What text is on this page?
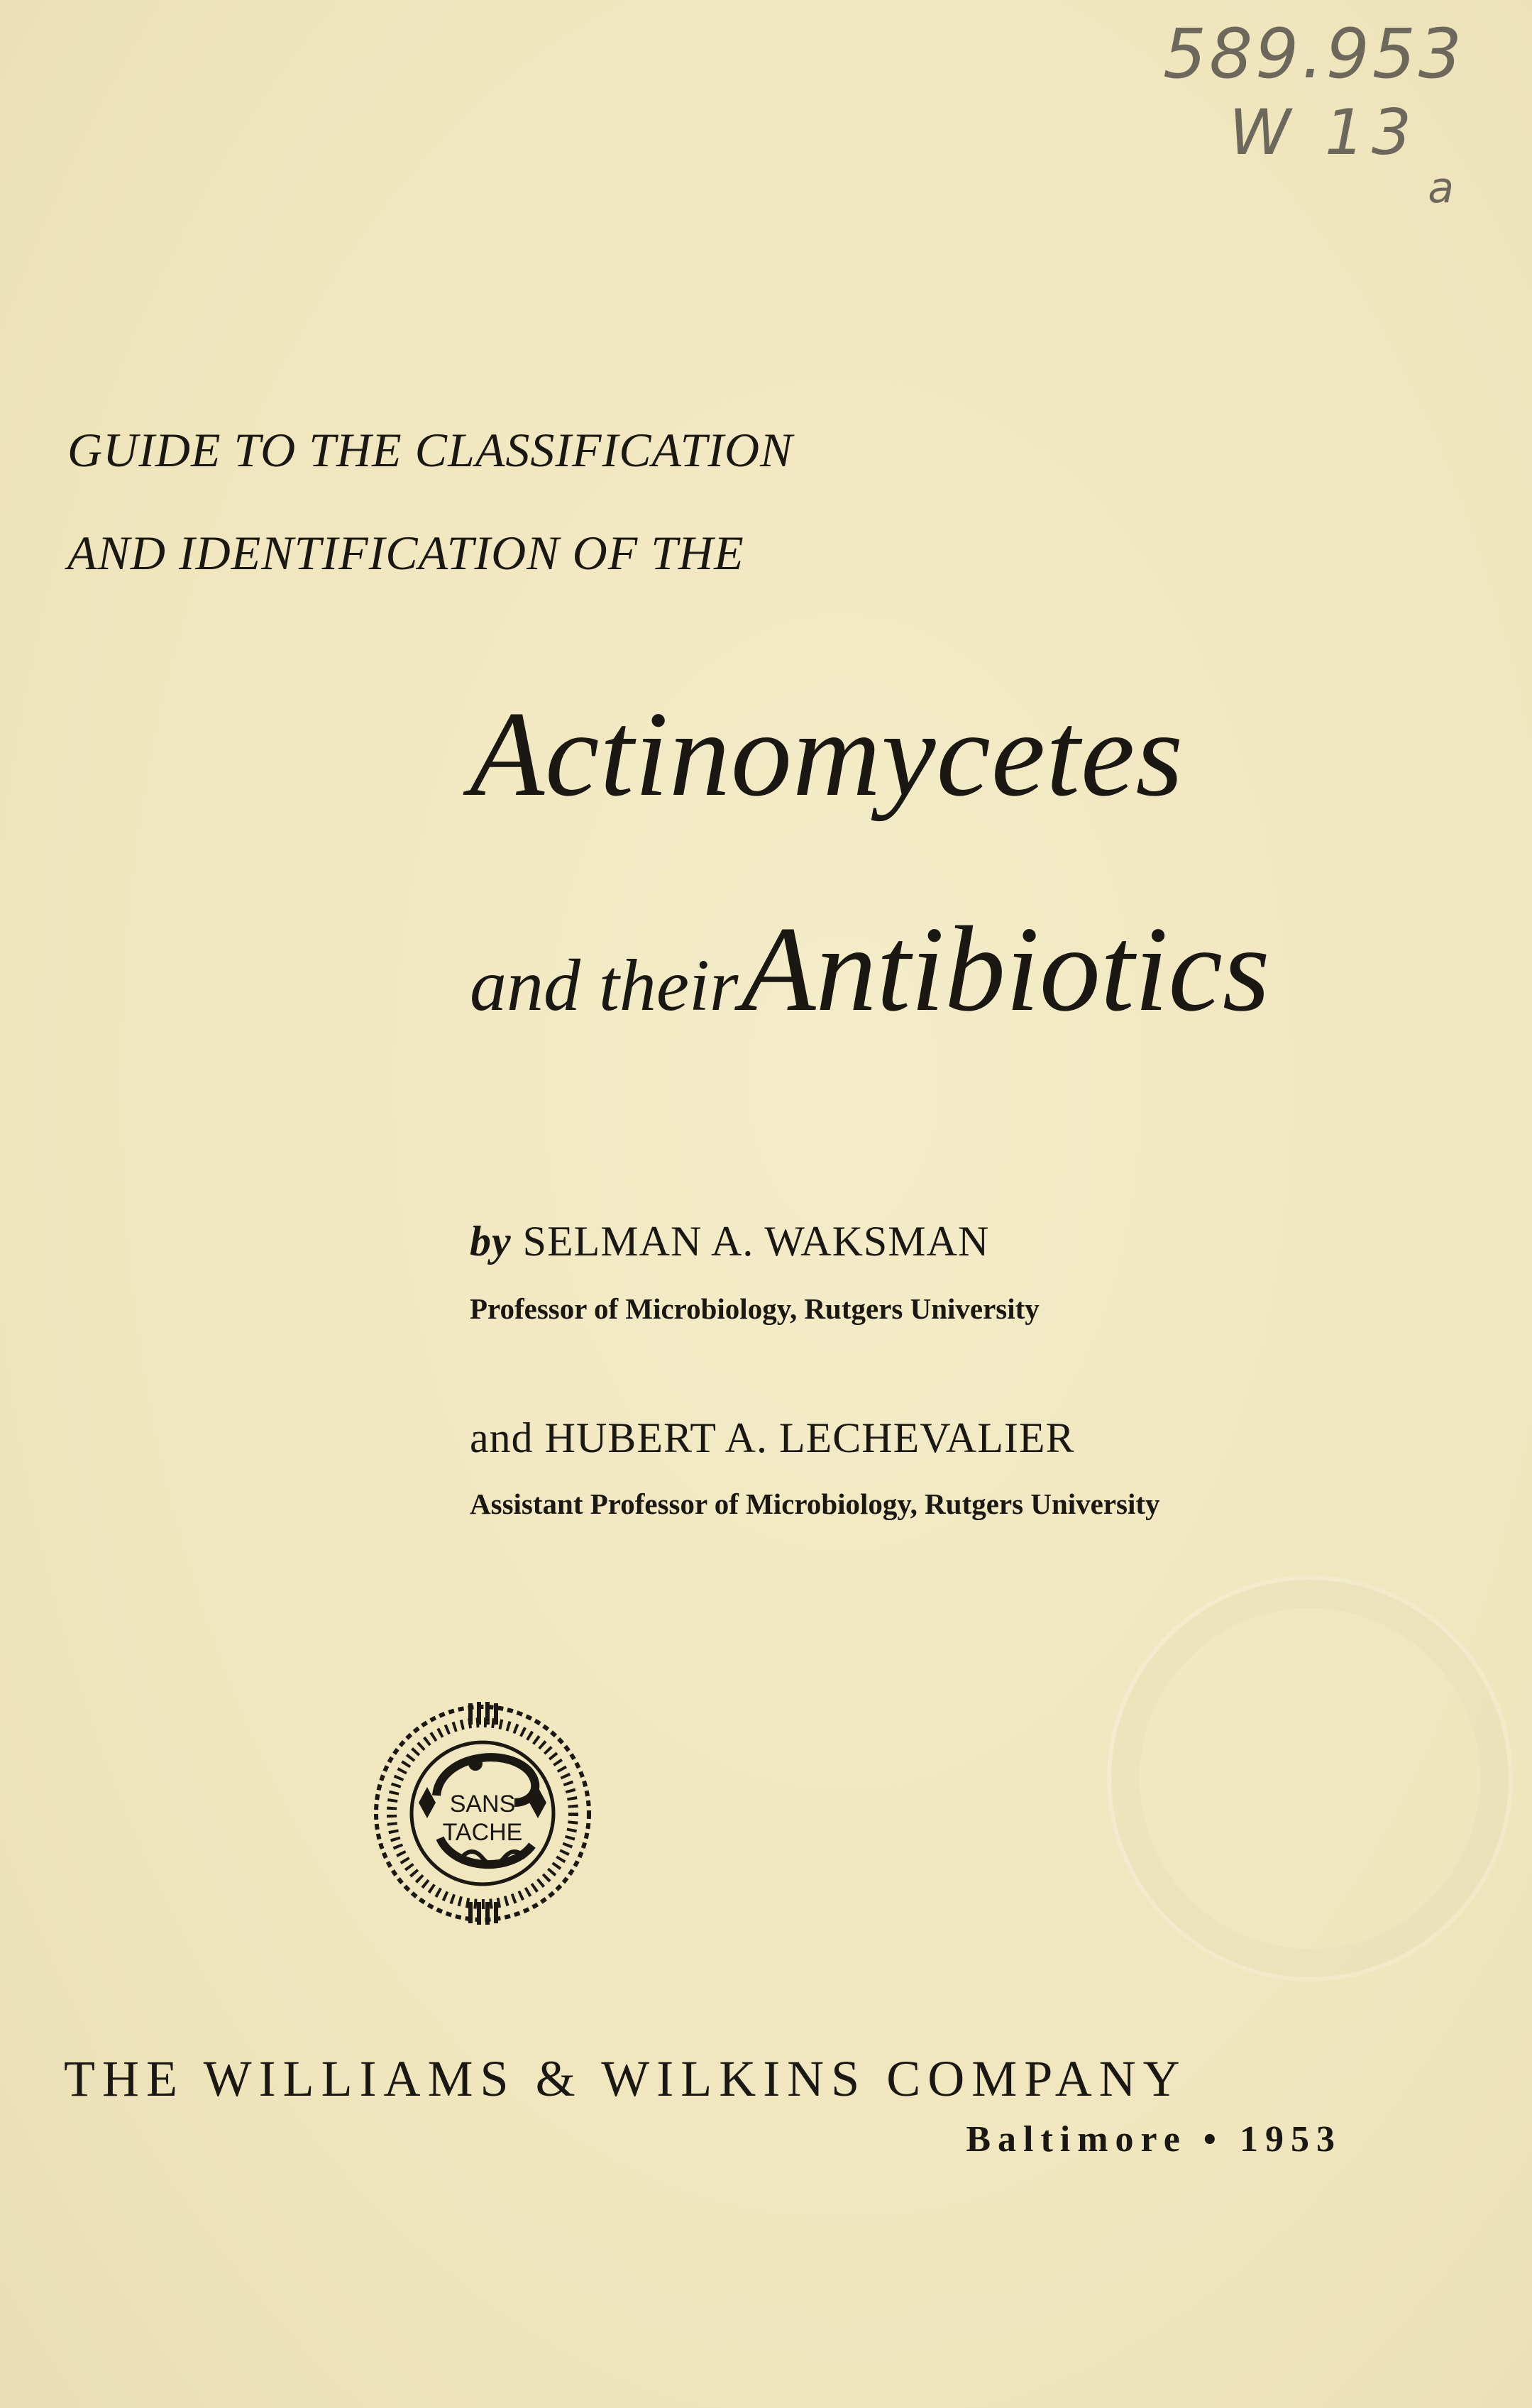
589.953
W 13
a
GUIDE TO THE CLASSIFICATION
AND IDENTIFICATION OF THE
Actinomycetes
and their Antibiotics
by SELMAN A. WAKSMAN
Professor of Microbiology, Rutgers University
and HUBERT A. LECHEVALIER
Assistant Professor of Microbiology, Rutgers University
SANS
TACHE
THE WILLIAMS & WILKINS COMPANY
Baltimore • 1953
